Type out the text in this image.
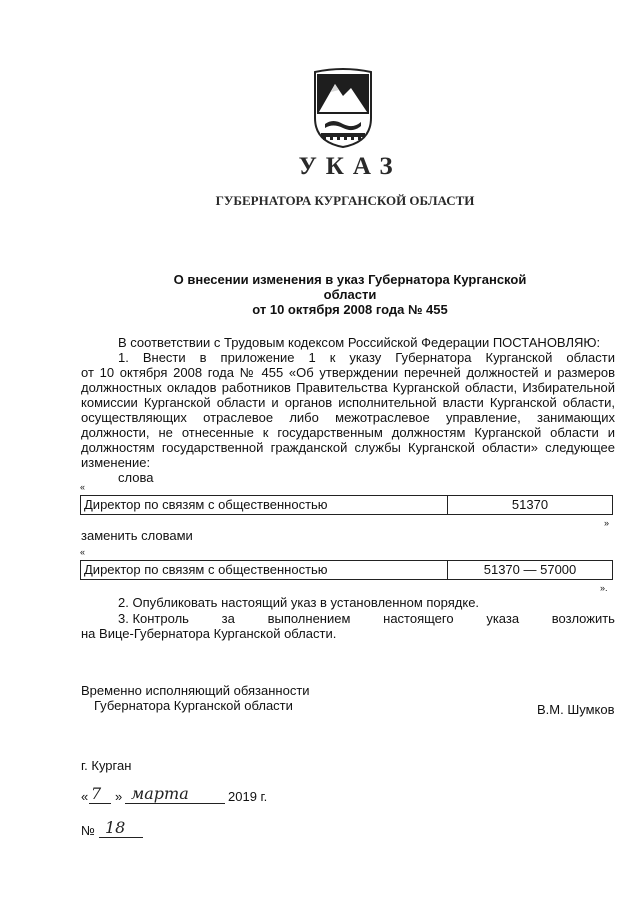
УКАЗ
ГУБЕРНАТОРА КУРГАНСКОЙ ОБЛАСТИ
О внесении изменения в указ Губернатора Курганской области
от 10 октября 2008 года № 455
В соответствии с Трудовым кодексом Российской Федерации ПОСТАНОВЛЯЮ:
1. Внести в приложение 1 к указу Губернатора Курганской области
от 10 октября 2008 года № 455 «Об утверждении перечней должностей и размеров должностных окладов работников Правительства Курганской области, Избирательной комиссии Курганской области и органов исполнительной власти Курганской области, осуществляющих отраслевое либо межотраслевое управление, занимающих должности, не отнесенные к государственным должностям Курганской области и должностям государственной гражданской службы Курганской области» следующее изменение:
слова
«
Директор по связям с общественностью	51370
»
заменить словами
«
Директор по связям с общественностью	51370 — 57000
».
2. Опубликовать настоящий указ в установленном порядке.
3. Контроль	за	выполнением	настоящего	указа	возложить
на Вице-Губернатора Курганской области.
Временно исполняющий обязанности
Губернатора Курганской области	В.М. Шумков
г. Курган
« 7 » марта	2019 г.
№ 18
